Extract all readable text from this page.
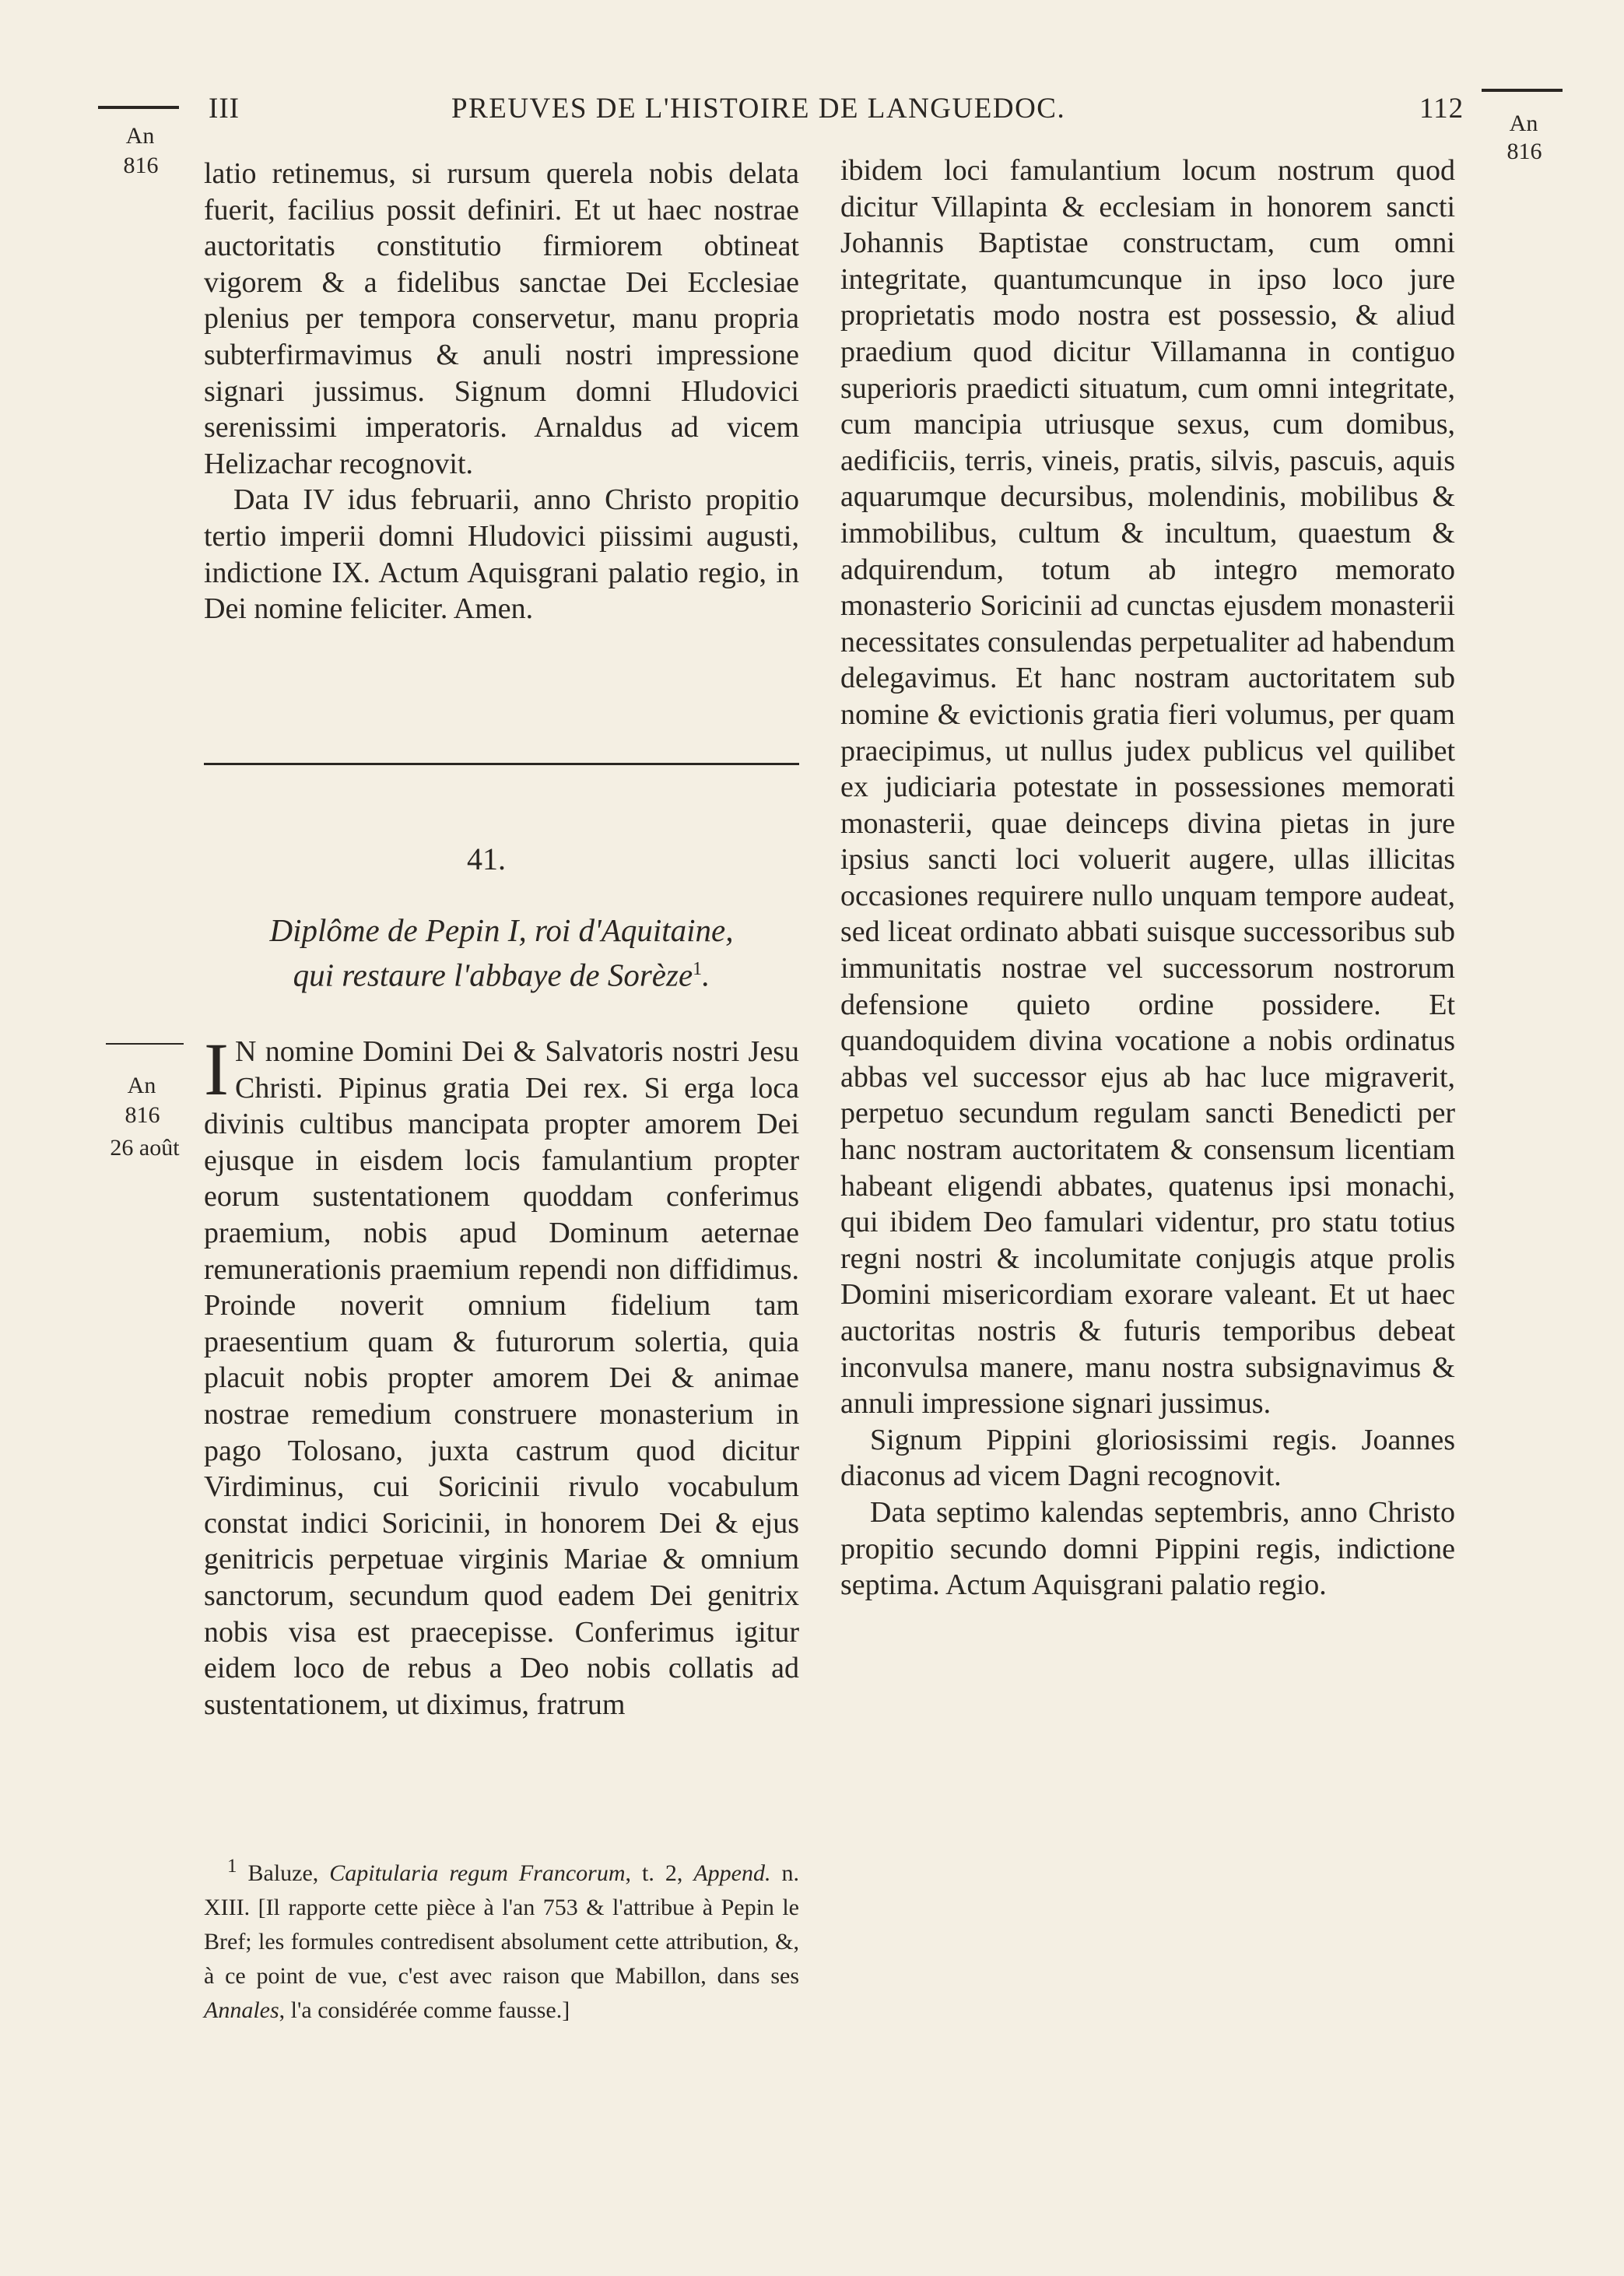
III	PREUVES DE L'HISTOIRE DE LANGUEDOC.	112
An
816
An
816

latio retinemus, si rursum querela nobis delata fuerit, facilius possit definiri. Et ut haec nostrae auctoritatis constitutio firmiorem obtineat vigorem & a fidelibus sanctae Dei Ecclesiae plenius per tempora conservetur, manu propria subterfirmavimus & anuli nostri impressione signari jussimus. Signum domni Hludovici serenissimi imperatoris. Arnaldus ad vicem Helizachar recognovit.

Data IV idus februarii, anno Christo propitio tertio imperii domni Hludovici piissimi augusti, indictione IX. Actum Aquisgrani palatio regio, in Dei nomine feliciter. Amen.

41.
Diplôme de Pepin I, roi d'Aquitaine,
qui restaure l'abbaye de Sorèze$^1$.
An
816
26 août

I N nomine Domini Dei & Salvatoris nostri Jesu Christi. Pipinus gratia Dei rex. Si erga loca divinis cultibus mancipata propter amorem Dei ejusque in eisdem locis famulantium propter eorum sustentationem quoddam conferimus praemium, nobis apud Dominum aeternae remunerationis praemium rependi non diffidimus. Proinde noverit omnium fidelium tam praesentium quam & futurorum solertia, quia placuit nobis propter amorem Dei & animae nostrae remedium construere monasterium in pago Tolosano, juxta castrum quod dicitur Virdiminus, cui Soricinii rivulo vocabulum constat indici Soricinii, in honorem Dei & ejus genitricis perpetuae virginis Mariae & omnium sanctorum, secundum quod eadem Dei genitrix nobis visa est praecepisse. Conferimus igitur eidem loco de rebus a Deo nobis collatis ad sustentationem, ut diximus, fratrum

$^1$ Baluze, Capitularia regum Francorum, t. 2, Append. n. XIII. [Il rapporte cette pièce à l'an 753 & l'attribue à Pepin le Bref; les formules contredisent absolument cette attribution, &, à ce point de vue, c'est avec raison que Mabillon, dans ses Annales, l'a considérée comme fausse.]

ibidem loci famulantium locum nostrum quod dicitur Villapinta & ecclesiam in honorem sancti Johannis Baptistae constructam, cum omni integritate, quantumcunque in ipso loco jure proprietatis modo nostra est possessio, & aliud praedium quod dicitur Villamanna in contiguo superioris praedicti situatum, cum omni integritate, cum mancipia utriusque sexus, cum domibus, aedificiis, terris, vineis, pratis, silvis, pascuis, aquis aquarumque decursibus, molendinis, mobilibus & immobilibus, cultum & incultum, quaestum & adquirendum, totum ab integro memorato monasterio Soricinii ad cunctas ejusdem monasterii necessitates consulendas perpetualiter ad habendum delegavimus. Et hanc nostram auctoritatem sub nomine & evictionis gratia fieri volumus, per quam praecipimus, ut nullus judex publicus vel quilibet ex judiciaria potestate in possessiones memorati monasterii, quae deinceps divina pietas in jure ipsius sancti loci voluerit augere, ullas illicitas occasiones requirere nullo unquam tempore audeat, sed liceat ordinato abbati suisque successoribus sub immunitatis nostrae vel successorum nostrorum defensione quieto ordine possidere. Et quandoquidem divina vocatione a nobis ordinatus abbas vel successor ejus ab hac luce migraverit, perpetuo secundum regulam sancti Benedicti per hanc nostram auctoritatem & consensum licentiam habeant eligendi abbates, quatenus ipsi monachi, qui ibidem Deo famulari videntur, pro statu totius regni nostri & incolumitate conjugis atque prolis Domini misericordiam exorare valeant. Et ut haec auctoritas nostris & futuris temporibus debeat inconvulsa manere, manu nostra subsignavimus & annuli impressione signari jussimus.

Signum Pippini gloriosissimi regis. Joannes diaconus ad vicem Dagni recognovit.

Data septimo kalendas septembris, anno Christo propitio secundo domni Pippini regis, indictione septima. Actum Aquisgrani palatio regio.
